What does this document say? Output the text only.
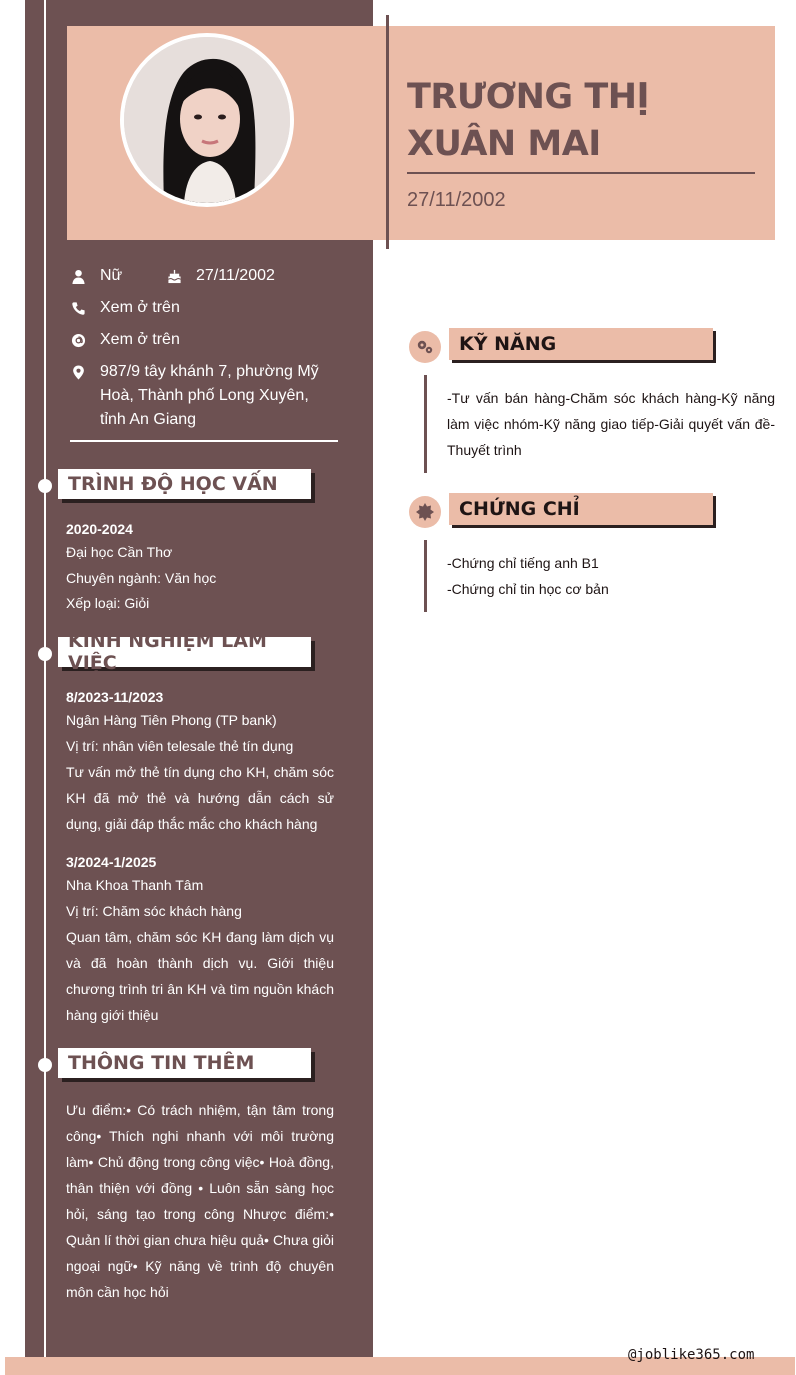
TRƯƠNG THỊ XUÂN MAI
27/11/2002
Nữ	27/11/2002
Xem ở trên
Xem ở trên
987/9 tây khánh 7, phường Mỹ Hoà, Thành phố Long Xuyên, tỉnh An Giang
TRÌNH ĐỘ HỌC VẤN
2020-2024
Đại học Cần Thơ
Chuyên ngành: Văn học
Xếp loại: Giỏi
KINH NGHIỆM LÀM VIỆC
8/2023-11/2023
Ngân Hàng Tiên Phong (TP bank)
Vị trí: nhân viên telesale thẻ tín dụng
Tư vấn mở thẻ tín dụng cho KH, chăm sóc KH đã mở thẻ và hướng dẫn cách sử dụng, giải đáp thắc mắc cho khách hàng
3/2024-1/2025
Nha Khoa Thanh Tâm
Vị trí: Chăm sóc khách hàng
Quan tâm, chăm sóc KH đang làm dịch vụ và đã hoàn thành dịch vụ. Giới thiệu chương trình tri ân KH và tìm nguồn khách hàng giới thiệu
THÔNG TIN THÊM
Ưu điểm:• Có trách nhiệm, tận tâm trong công• Thích nghi nhanh với môi trường làm• Chủ động trong công việc• Hoà đồng, thân thiện với đồng • Luôn sẵn sàng học hỏi, sáng tạo trong công Nhược điểm:• Quản lí thời gian chưa hiệu quả• Chưa giỏi ngoại ngữ• Kỹ năng về trình độ chuyên môn cần học hỏi
KỸ NĂNG
-Tư vấn bán hàng-Chăm sóc khách hàng-Kỹ năng làm việc nhóm-Kỹ năng giao tiếp-Giải quyết vấn đề-Thuyết trình
CHỨNG CHỈ
-Chứng chỉ tiếng anh B1
-Chứng chỉ tin học cơ bản
@joblike365.com
